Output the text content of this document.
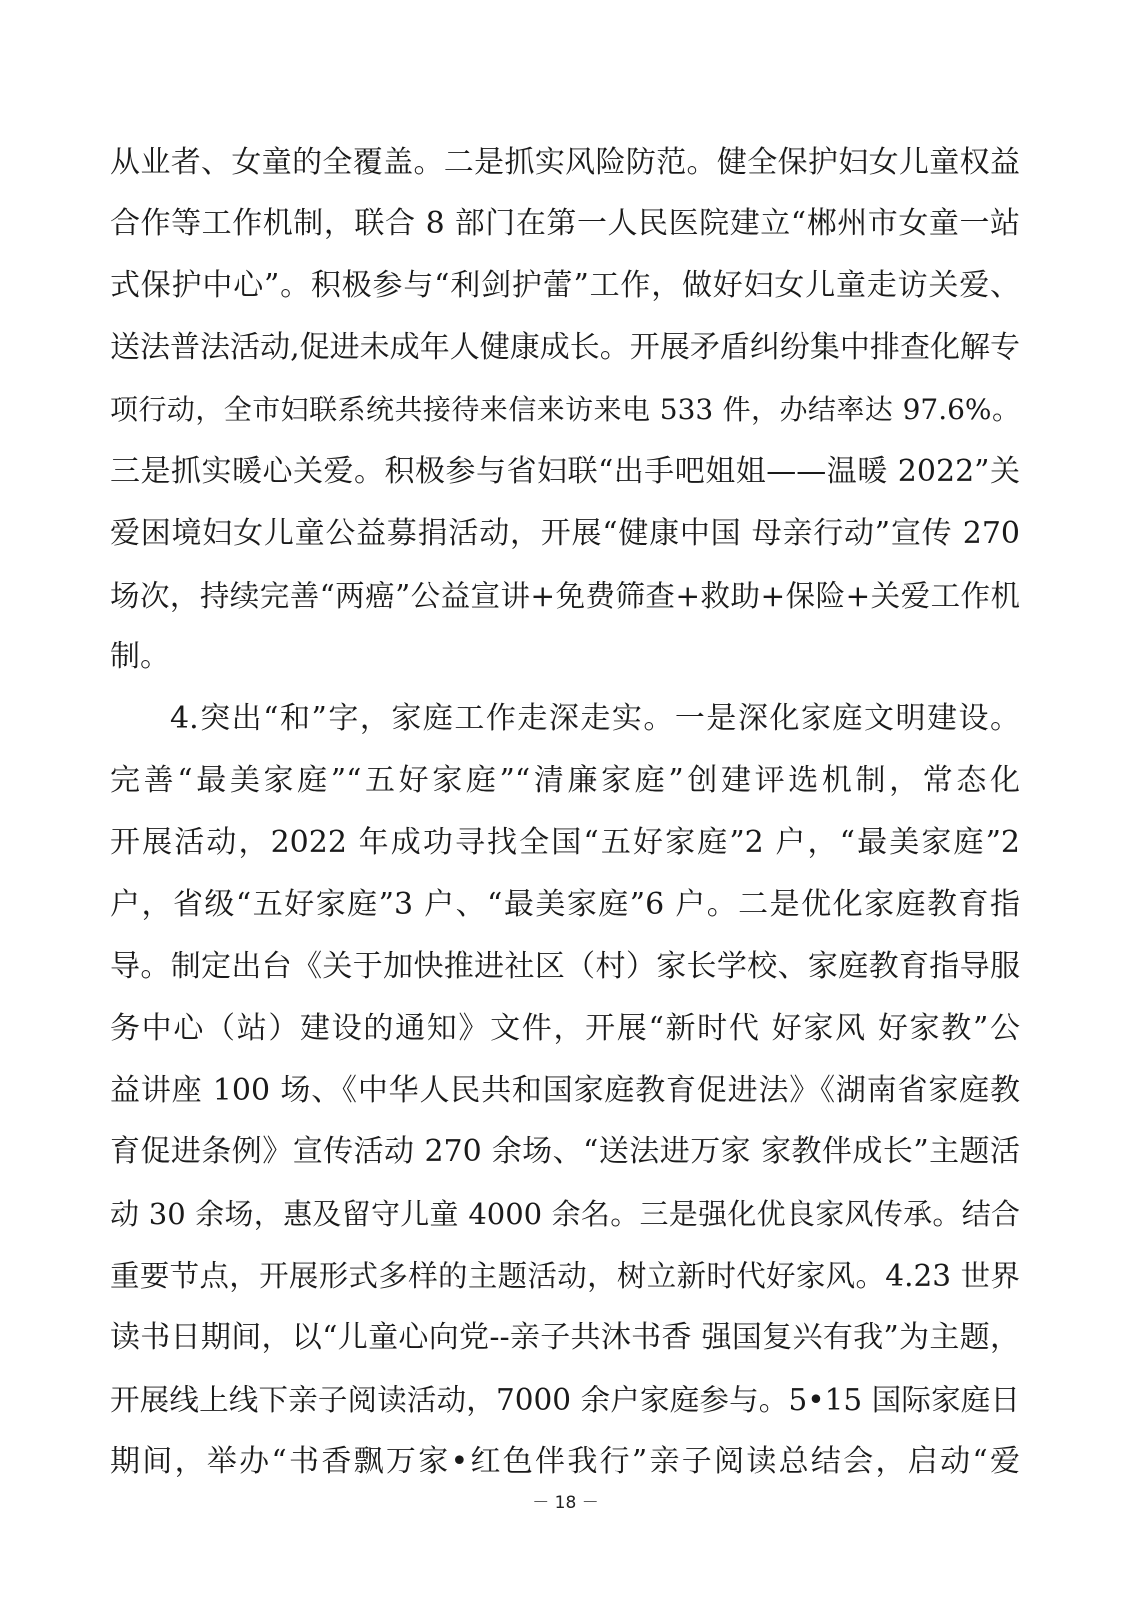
从业者、女童的全覆盖。二是抓实风险防范。健全保护妇女儿童权益
合作等工作机制，联合 8 部门在第一人民医院建立“郴州市女童一站
式保护中心”。积极参与“利剑护蕾”工作，做好妇女儿童走访关爱、
送法普法活动,促进未成年人健康成长。开展矛盾纠纷集中排查化解专
项行动，全市妇联系统共接待来信来访来电 533 件，办结率达 97.6%。
三是抓实暖心关爱。积极参与省妇联“出手吧姐姐——温暖 2022”关
爱困境妇女儿童公益募捐活动，开展“健康中国 母亲行动”宣传 270
场次，持续完善“两癌”公益宣讲+免费筛查+救助+保险+关爱工作机
制。
4.突出“和”字，家庭工作走深走实。一是深化家庭文明建设。
完善“最美家庭”“五好家庭”“清廉家庭”创建评选机制，常态化
开展活动，2022 年成功寻找全国“五好家庭”2 户，“最美家庭”2
户，省级“五好家庭”3 户、“最美家庭”6 户。二是优化家庭教育指
导。制定出台《关于加快推进社区（村）家长学校、家庭教育指导服
务中心（站）建设的通知》文件，开展“新时代 好家风 好家教”公
益讲座 100 场、《中华人民共和国家庭教育促进法》《湖南省家庭教
育促进条例》宣传活动 270 余场、“送法进万家 家教伴成长”主题活
动 30 余场，惠及留守儿童 4000 余名。三是强化优良家风传承。结合
重要节点，开展形式多样的主题活动，树立新时代好家风。4.23 世界
读书日期间，以“儿童心向党--亲子共沐书香 强国复兴有我”为主题，
开展线上线下亲子阅读活动，7000 余户家庭参与。5•15 国际家庭日
期间，举办“书香飘万家•红色伴我行”亲子阅读总结会，启动“爱
－ 18 －
